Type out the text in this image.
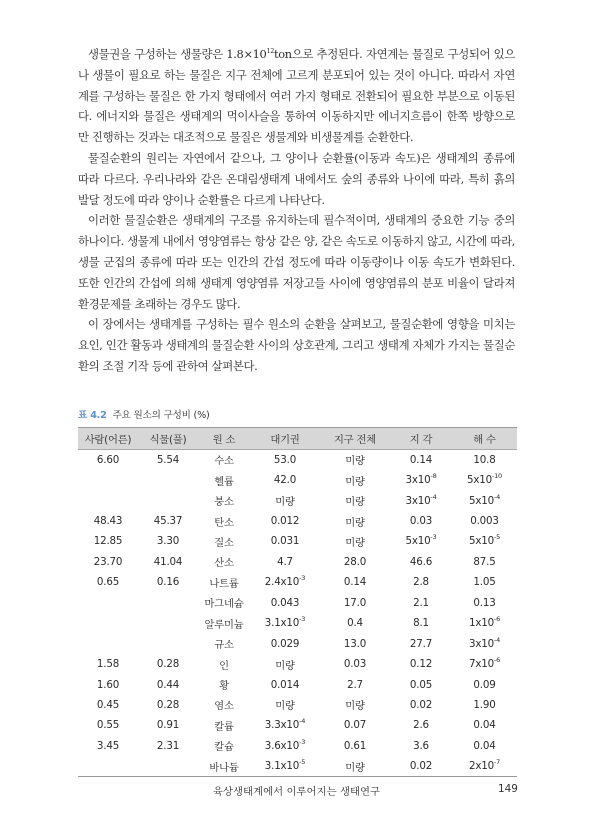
생물권을 구성하는 생물량은 $1.8\times 10^{12}ton$으로 추정된다. 자연계는 물질로 구성되어 있으나 생물이 필요로 하는 물질은 지구 전체에 고르게 분포되어 있는 것이 아니다. 따라서 자연계를 구성하는 물질은 한 가지 형태에서 여러 가지 형태로 전환되어 필요한 부분으로 이동된다. 에너지와 물질은 생태계의 먹이사슬을 통하여 이동하지만 에너지흐름이 한쪽 방향으로만 진행하는 것과는 대조적으로 물질은 생물계와 비생물계를 순환한다.

물질순환의 원리는 자연에서 같으나, 그 양이나 순환률(이동과 속도)은 생태계의 종류에 따라 다르다. 우리나라와 같은 온대림생태계 내에서도 숲의 종류와 나이에 따라, 특히 흙의 발달 정도에 따라 양이나 순환률은 다르게 나타난다.

이러한 물질순환은 생태계의 구조를 유지하는데 필수적이며, 생태계의 중요한 기능 중의 하나이다. 생물계 내에서 영양염류는 항상 같은 양, 같은 속도로 이동하지 않고, 시간에 따라, 생물 군집의 종류에 따라 또는 인간의 간섭 정도에 따라 이동량이나 이동 속도가 변화된다. 또한 인간의 간섭에 의해 생태계 영양염류 저장고들 사이에 영양염류의 분포 비율이 달라져 환경문제를 초래하는 경우도 많다.

이 장에서는 생태계를 구성하는 필수 원소의 순환을 살펴보고, 물질순환에 영향을 미치는 요인, 인간 활동과 생태계의 물질순환 사이의 상호관계, 그리고 생태계 자체가 가지는 물질순환의 조절 기작 등에 관하여 살펴본다.

표 4.2 주요 원소의 구성비 (%)
사람(어른)	식물(풀)	원 소	대기권	지구 전체	지 각	해 수
6.60	5.54	수소	53.0	미량	0.14	10.8
		헬륨	42.0	미량	$3x10^{-8}$	$5x10^{-10}$
		붕소	미량	미량	$3x10^{-4}$	$5x10^{-4}$
48.43	45.37	탄소	0.012	미량	0.03	0.003
12.85	3.30	질소	0.031	미량	$5x10^{-3}$	$5x10^{-5}$
23.70	41.04	산소	4.7	28.0	46.6	87.5
0.65	0.16	나트륨	$2.4x10^{-3}$	0.14	2.8	1.05
		마그네슘	0.043	17.0	2.1	0.13
		알루미늄	$3.1x10^{-3}$	0.4	8.1	$1x10^{-6}$
		규소	0.029	13.0	27.7	$3x10^{-4}$
1.58	0.28	인	미량	0.03	0.12	$7x10^{-6}$
1.60	0.44	황	0.014	2.7	0.05	0.09
0.45	0.28	염소	미량	미량	0.02	1.90
0.55	0.91	칼륨	$3.3x10^{-4}$	0.07	2.6	0.04
3.45	2.31	칼슘	$3.6x10^{-3}$	0.61	3.6	0.04
		바나듐	$3.1x10^{-5}$	미량	0.02	$2x10^{-7}$
육상생태계에서 이루어지는 생태연구	149
